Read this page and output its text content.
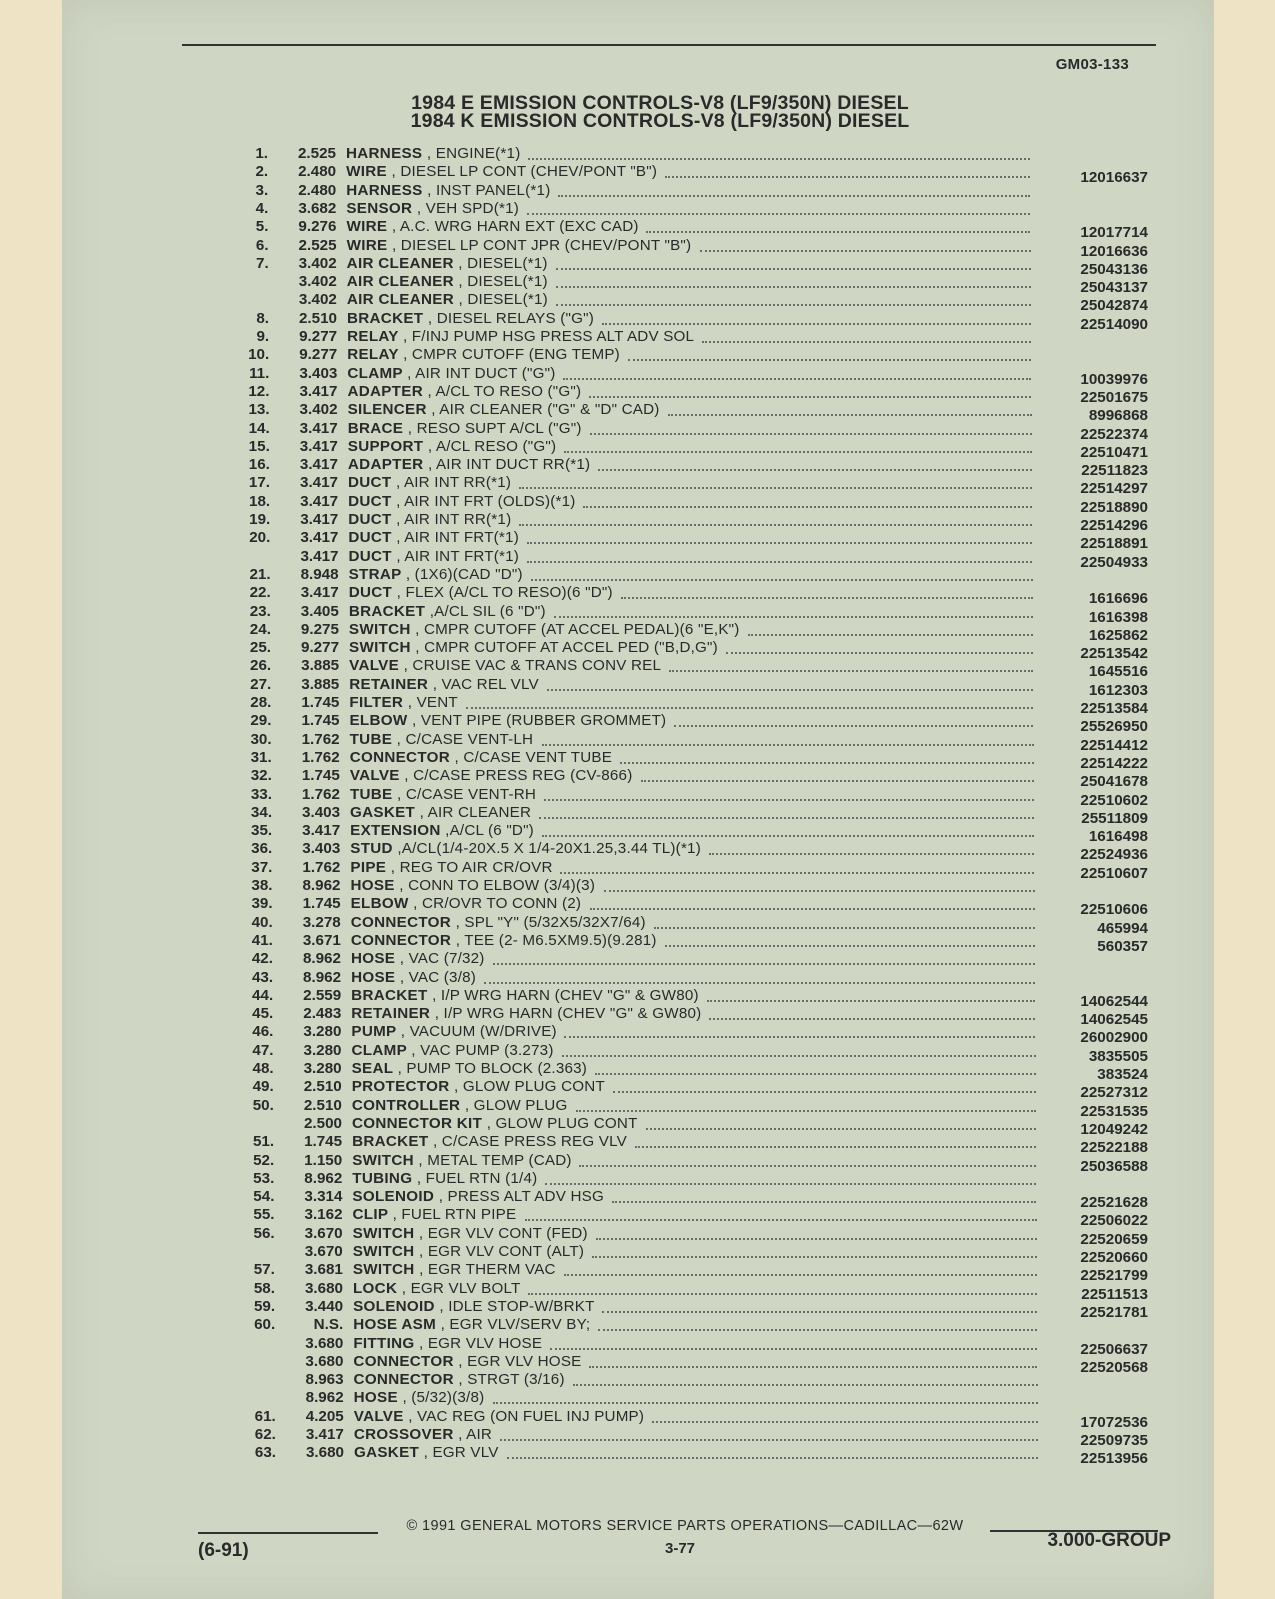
GM03-133
1984 E EMISSION CONTROLS-V8 (LF9/350N) DIESEL
1984 K EMISSION CONTROLS-V8 (LF9/350N) DIESEL
1.	2.525 HARNESS , ENGINE(*1)
2.	2.480 WIRE , DIESEL LP CONT (CHEV/PONT "B")	12016637
3.	2.480 HARNESS , INST PANEL(*1)
4.	3.682 SENSOR , VEH SPD(*1)
5.	9.276 WIRE , A.C. WRG HARN EXT (EXC CAD)	12017714
6.	2.525 WIRE , DIESEL LP CONT JPR (CHEV/PONT "B")	12016636
7.	3.402 AIR CLEANER , DIESEL(*1)	25043136
3.402 AIR CLEANER , DIESEL(*1)	25043137
3.402 AIR CLEANER , DIESEL(*1)	25042874
8.	2.510 BRACKET , DIESEL RELAYS ("G")	22514090
9.	9.277 RELAY , F/INJ PUMP HSG PRESS ALT ADV SOL
10.	9.277 RELAY , CMPR CUTOFF (ENG TEMP)
11.	3.403 CLAMP , AIR INT DUCT ("G")	10039976
12.	3.417 ADAPTER , A/CL TO RESO ("G")	22501675
13.	3.402 SILENCER , AIR CLEANER ("G" & "D" CAD)	8996868
14.	3.417 BRACE , RESO SUPT A/CL ("G")	22522374
15.	3.417 SUPPORT , A/CL RESO ("G")	22510471
16.	3.417 ADAPTER , AIR INT DUCT RR(*1)	22511823
17.	3.417 DUCT , AIR INT RR(*1)	22514297
18.	3.417 DUCT , AIR INT FRT (OLDS)(*1)	22518890
19.	3.417 DUCT , AIR INT RR(*1)	22514296
20.	3.417 DUCT , AIR INT FRT(*1)	22518891
3.417 DUCT , AIR INT FRT(*1)	22504933
21.	8.948 STRAP , (1X6)(CAD "D")
22.	3.417 DUCT , FLEX (A/CL TO RESO)(6 "D")	1616696
23.	3.405 BRACKET ,A/CL SIL (6 "D")	1616398
24.	9.275 SWITCH , CMPR CUTOFF (AT ACCEL PEDAL)(6 "E,K")	1625862
25.	9.277 SWITCH , CMPR CUTOFF AT ACCEL PED ("B,D,G")	22513542
26.	3.885 VALVE , CRUISE VAC & TRANS CONV REL	1645516
27.	3.885 RETAINER , VAC REL VLV	1612303
28.	1.745 FILTER , VENT	22513584
29.	1.745 ELBOW , VENT PIPE (RUBBER GROMMET)	25526950
30.	1.762 TUBE , C/CASE VENT-LH	22514412
31.	1.762 CONNECTOR , C/CASE VENT TUBE	22514222
32.	1.745 VALVE , C/CASE PRESS REG (CV-866)	25041678
33.	1.762 TUBE , C/CASE VENT-RH	22510602
34.	3.403 GASKET , AIR CLEANER	25511809
35.	3.417 EXTENSION ,A/CL (6 "D")	1616498
36.	3.403 STUD ,A/CL(1/4-20X.5 X 1/4-20X1.25,3.44 TL)(*1)	22524936
37.	1.762 PIPE , REG TO AIR CR/OVR	22510607
38.	8.962 HOSE , CONN TO ELBOW (3/4)(3)
39.	1.745 ELBOW , CR/OVR TO CONN (2)	22510606
40.	3.278 CONNECTOR , SPL "Y" (5/32X5/32X7/64)	465994
41.	3.671 CONNECTOR , TEE (2- M6.5XM9.5)(9.281)	560357
42.	8.962 HOSE , VAC (7/32)
43.	8.962 HOSE , VAC (3/8)
44.	2.559 BRACKET , I/P WRG HARN (CHEV "G" & GW80)	14062544
45.	2.483 RETAINER , I/P WRG HARN (CHEV "G" & GW80)	14062545
46.	3.280 PUMP , VACUUM (W/DRIVE)	26002900
47.	3.280 CLAMP , VAC PUMP (3.273)	3835505
48.	3.280 SEAL , PUMP TO BLOCK (2.363)	383524
49.	2.510 PROTECTOR , GLOW PLUG CONT	22527312
50.	2.510 CONTROLLER , GLOW PLUG	22531535
2.500 CONNECTOR KIT , GLOW PLUG CONT	12049242
51.	1.745 BRACKET , C/CASE PRESS REG VLV	22522188
52.	1.150 SWITCH , METAL TEMP (CAD)	25036588
53.	8.962 TUBING , FUEL RTN (1/4)
54.	3.314 SOLENOID , PRESS ALT ADV HSG	22521628
55.	3.162 CLIP , FUEL RTN PIPE	22506022
56.	3.670 SWITCH , EGR VLV CONT (FED)	22520659
3.670 SWITCH , EGR VLV CONT (ALT)	22520660
57.	3.681 SWITCH , EGR THERM VAC	22521799
58.	3.680 LOCK , EGR VLV BOLT	22511513
59.	3.440 SOLENOID , IDLE STOP-W/BRKT	22521781
60.	N.S. HOSE ASM , EGR VLV/SERV BY;
3.680 FITTING , EGR VLV HOSE	22506637
3.680 CONNECTOR , EGR VLV HOSE	22520568
8.963 CONNECTOR , STRGT (3/16)
8.962 HOSE , (5/32)(3/8)
61.	4.205 VALVE , VAC REG (ON FUEL INJ PUMP)	17072536
62.	3.417 CROSSOVER , AIR	22509735
63.	3.680 GASKET , EGR VLV	22513956
© 1991 GENERAL MOTORS SERVICE PARTS OPERATIONS—CADILLAC—62W
(6-91)	3-77	3.000-GROUP
